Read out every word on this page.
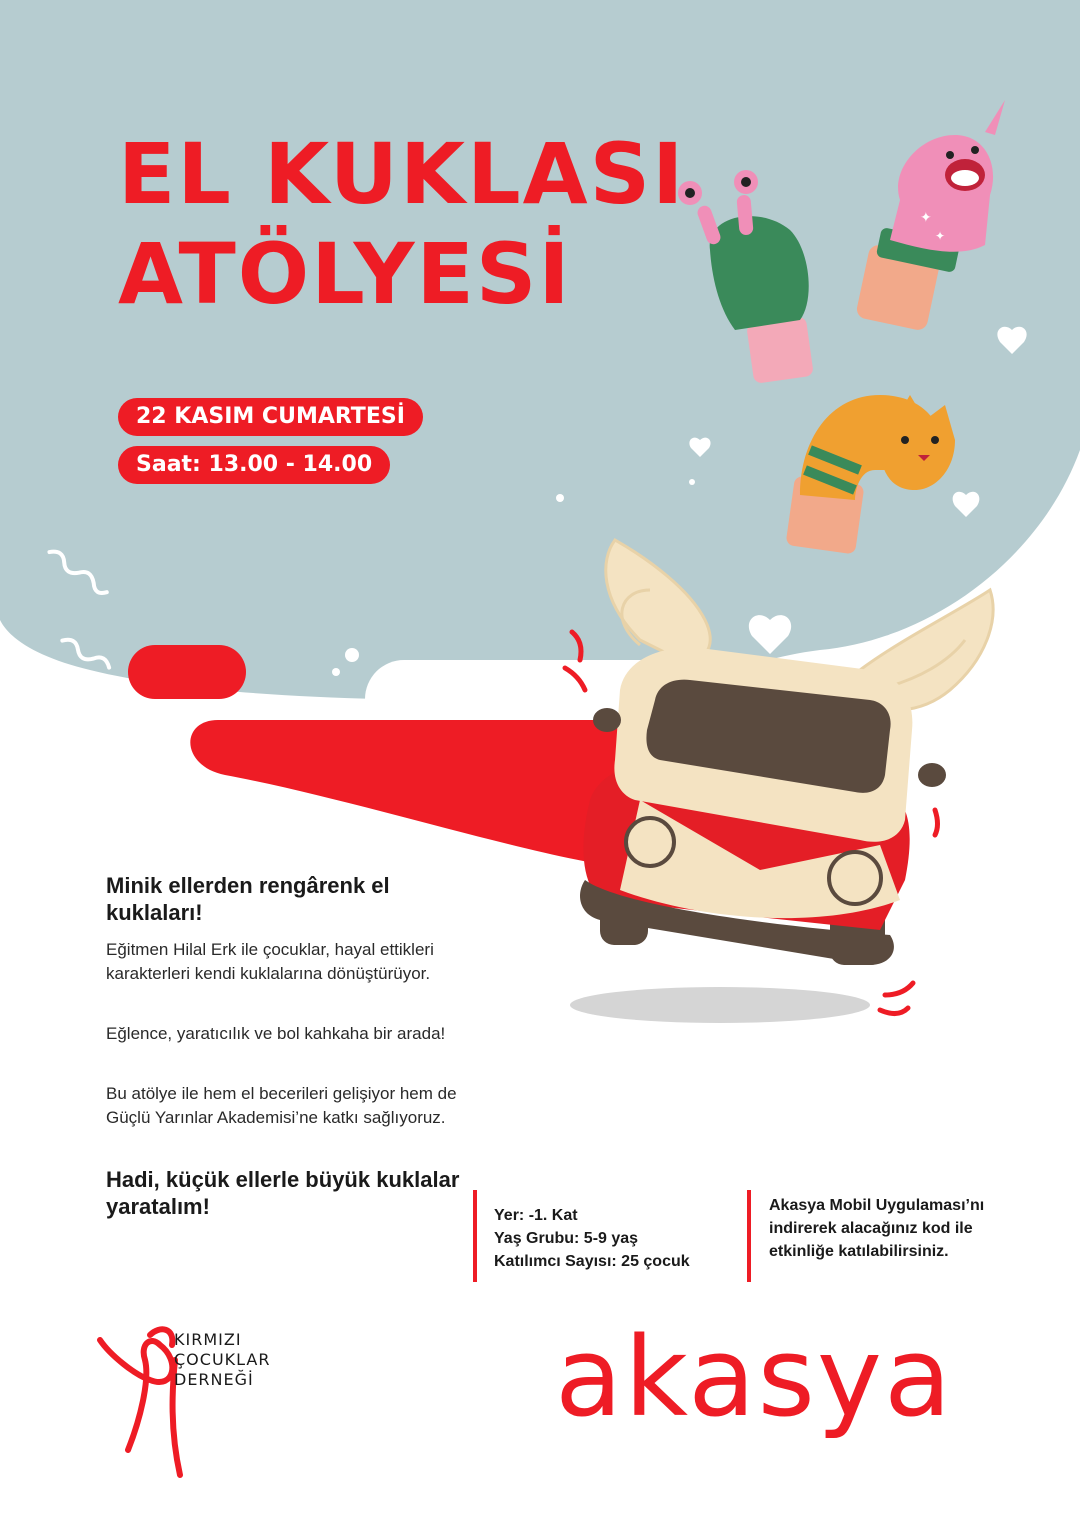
✦
✦
EL KUKLASI
ATÖLYESİ
22 KASIM CUMARTESİ
Saat: 13.00 - 14.00
Minik ellerden rengârenk el kuklaları!
Eğitmen Hilal Erk ile çocuklar, hayal ettikleri karakterleri kendi kuklalarına dönüştürüyor.
Eğlence, yaratıcılık ve bol kahkaha bir arada!
Bu atölye ile hem el becerileri gelişiyor hem de Güçlü Yarınlar Akademisi’ne katkı sağlıyoruz.
Hadi, küçük ellerle büyük kuklalar yaratalım!	Yer: -1. Kat
Yaş Grubu: 5-9 yaş
Katılımcı Sayısı: 25 çocuk
Akasya Mobil Uygulaması’nı indirerek alacağınız kod ile etkinliğe katılabilirsiniz.
KIRMIZI
ÇOCUKLAR
DERNEĞİ	akasya
